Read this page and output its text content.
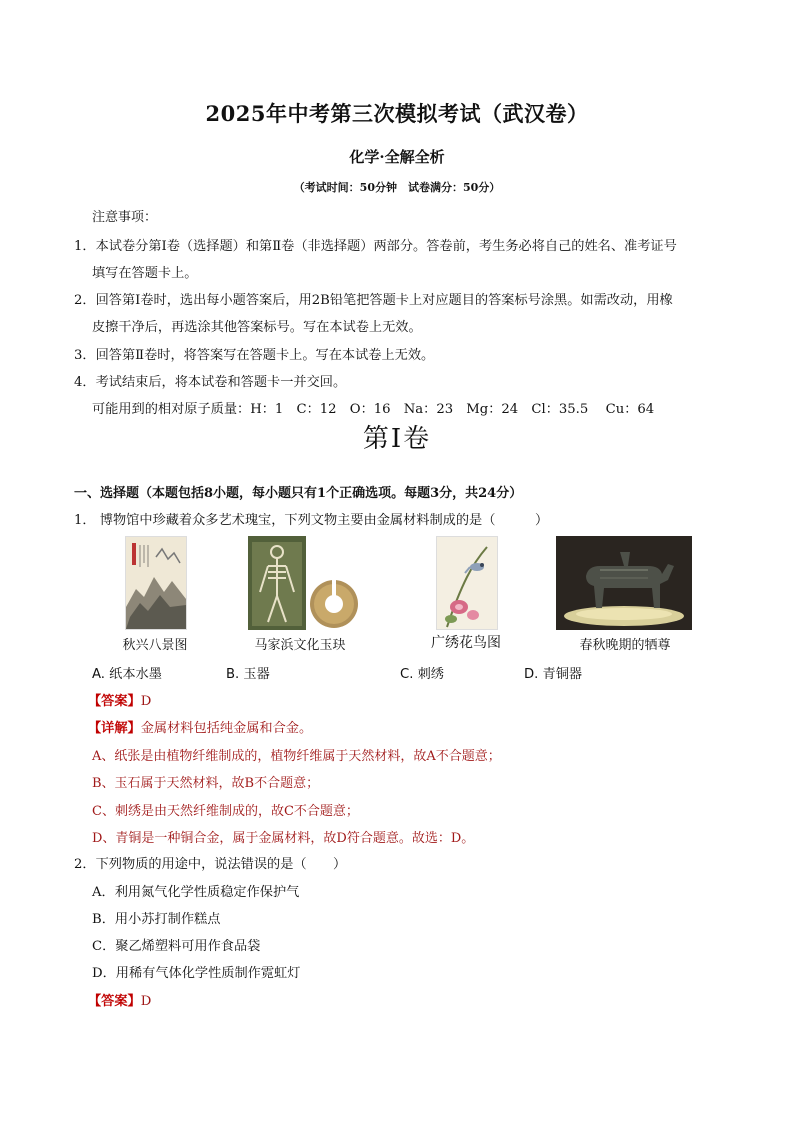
2025年中考第三次模拟考试（武汉卷）
化学·全解全析
（考试时间：50分钟　试卷满分：50分）
注意事项：
1．本试卷分第Ⅰ卷（选择题）和第Ⅱ卷（非选择题）两部分。答卷前，考生务必将自己的姓名、准考证号
填写在答题卡上。
2．回答第Ⅰ卷时，选出每小题答案后，用2B铅笔把答题卡上对应题目的答案标号涂黑。如需改动，用橡
皮擦干净后，再选涂其他答案标号。写在本试卷上无效。
3．回答第Ⅱ卷时，将答案写在答题卡上。写在本试卷上无效。
4．考试结束后，将本试卷和答题卡一并交回。
可能用到的相对原子质量：H：1　C：12　O：16　Na：23　Mg：24　Cl：35.5　 Cu：64
第Ⅰ卷
一、选择题（本题包括8小题，每小题只有1个正确选项。每题3分，共24分）
1． 博物馆中珍藏着众多艺术瑰宝，下列文物主要由金属材料制成的是（　　　）
秋兴八景图	马家浜文化玉玦	广绣花鸟图	春秋晚期的牺尊
A. 纸本水墨	B. 玉器	C. 刺绣	D. 青铜器
【答案】D
【详解】金属材料包括纯金属和合金。
A、纸张是由植物纤维制成的，植物纤维属于天然材料，故A不合题意；
B、玉石属于天然材料，故B不合题意；
C、刺绣是由天然纤维制成的，故C不合题意；
D、青铜是一种铜合金，属于金属材料，故D符合题意。故选：D。
2．下列物质的用途中，说法错误的是（　　）
A．利用氮气化学性质稳定作保护气
B．用小苏打制作糕点
C．聚乙烯塑料可用作食品袋
D．用稀有气体化学性质制作霓虹灯
【答案】D
